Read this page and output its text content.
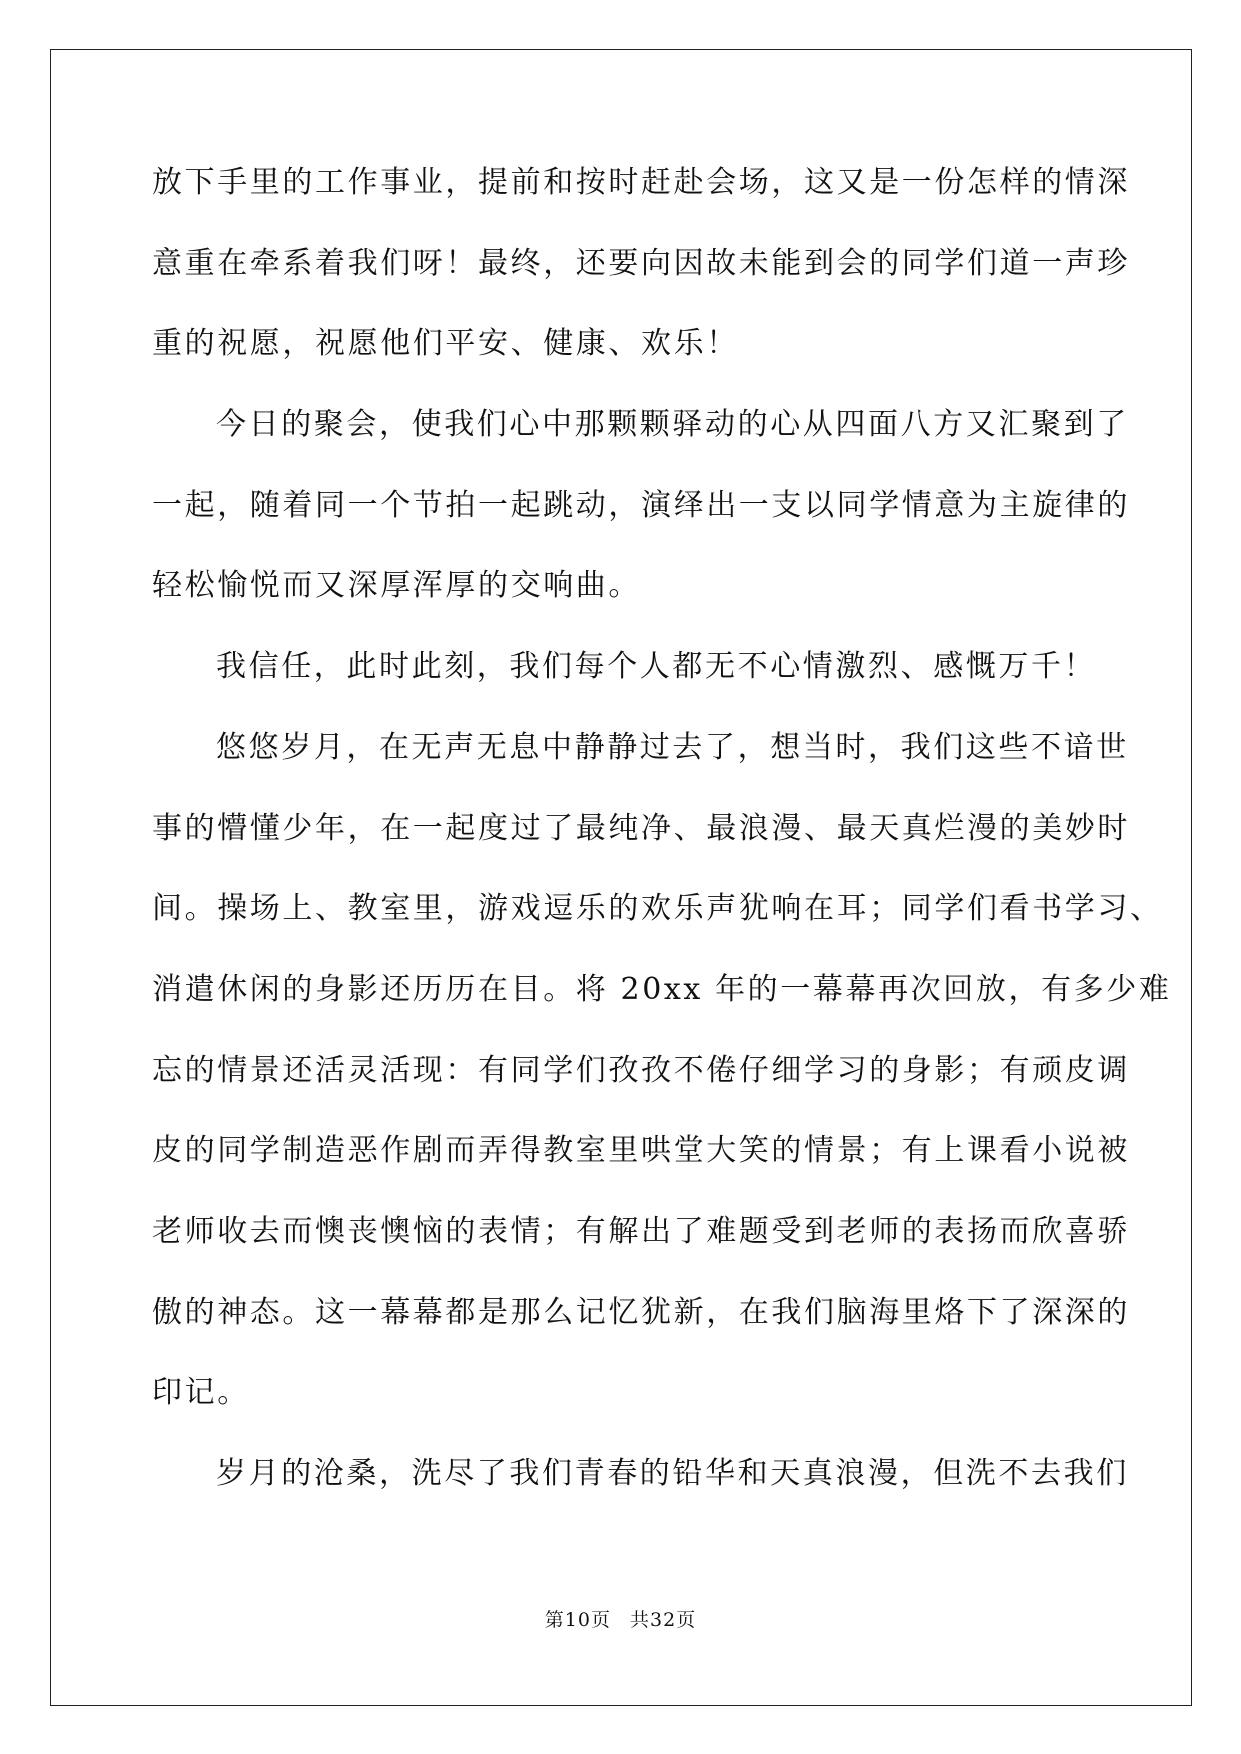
放下手里的工作事业，提前和按时赶赴会场，这又是一份怎样的情深
意重在牵系着我们呀！最终，还要向因故未能到会的同学们道一声珍
重的祝愿，祝愿他们平安、健康、欢乐！
今日的聚会，使我们心中那颗颗驿动的心从四面八方又汇聚到了
一起，随着同一个节拍一起跳动，演绎出一支以同学情意为主旋律的
轻松愉悦而又深厚浑厚的交响曲。
我信任，此时此刻，我们每个人都无不心情激烈、感慨万千！
悠悠岁月，在无声无息中静静过去了，想当时，我们这些不谙世
事的懵懂少年，在一起度过了最纯净、最浪漫、最天真烂漫的美妙时
间。操场上、教室里，游戏逗乐的欢乐声犹响在耳；同学们看书学习、
消遣休闲的身影还历历在目。将 20xx 年的一幕幕再次回放，有多少难
忘的情景还活灵活现：有同学们孜孜不倦仔细学习的身影；有顽皮调
皮的同学制造恶作剧而弄得教室里哄堂大笑的情景；有上课看小说被
老师收去而懊丧懊恼的表情；有解出了难题受到老师的表扬而欣喜骄
傲的神态。这一幕幕都是那么记忆犹新，在我们脑海里烙下了深深的
印记。
岁月的沧桑，洗尽了我们青春的铅华和天真浪漫，但洗不去我们
第10页 共32页
